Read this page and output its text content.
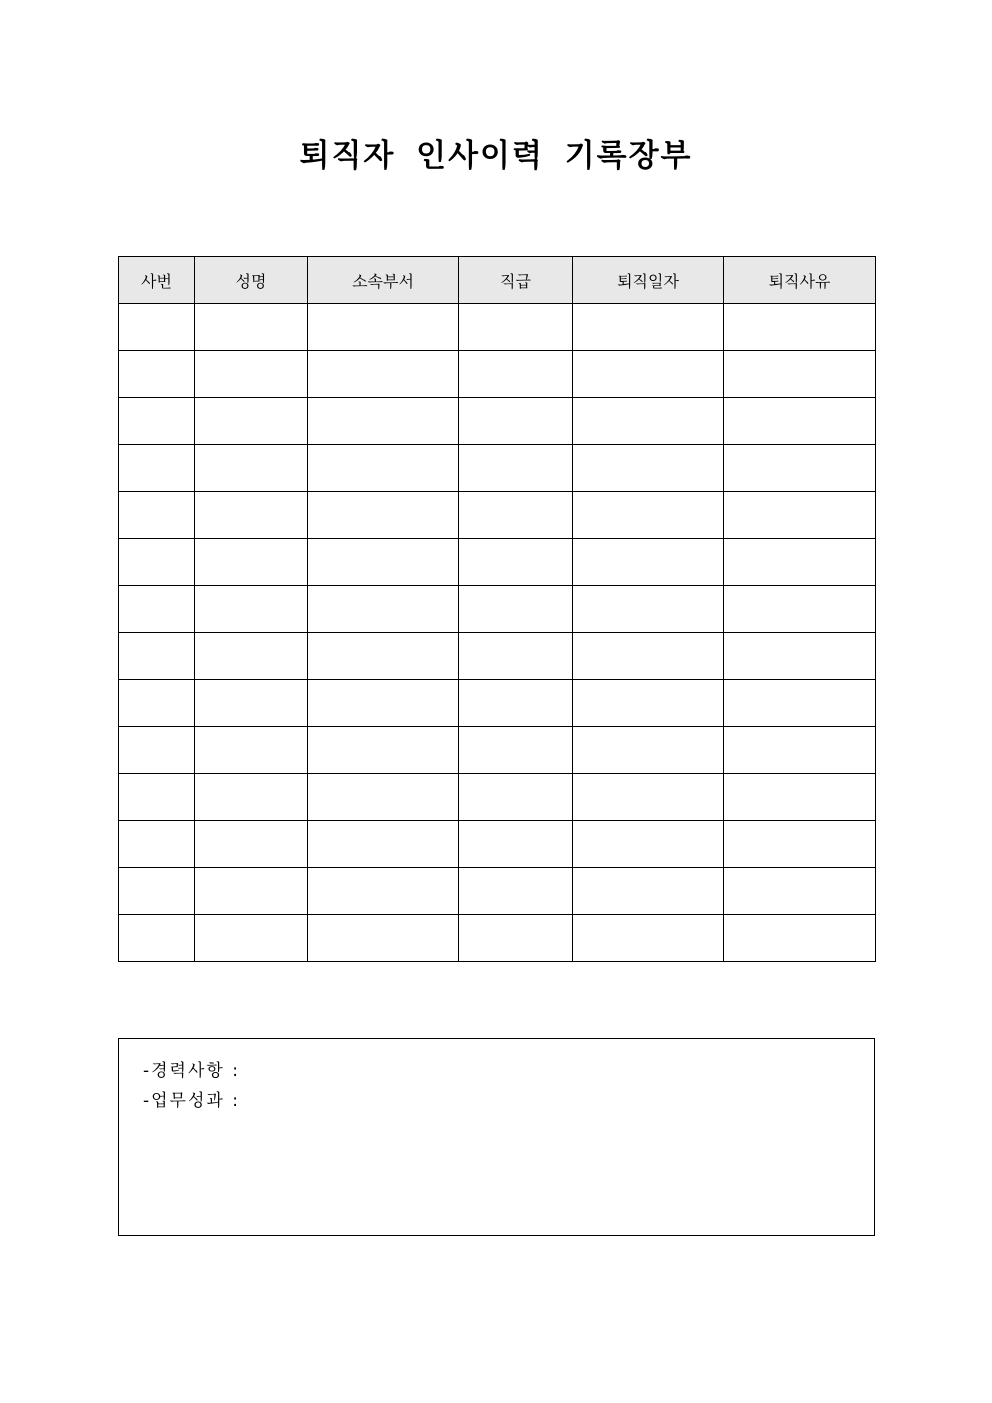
퇴직자 인사이력 기록장부
사번	성명	소속부서	직급	퇴직일자	퇴직사유

-경력사항 :
-업무성과 :
